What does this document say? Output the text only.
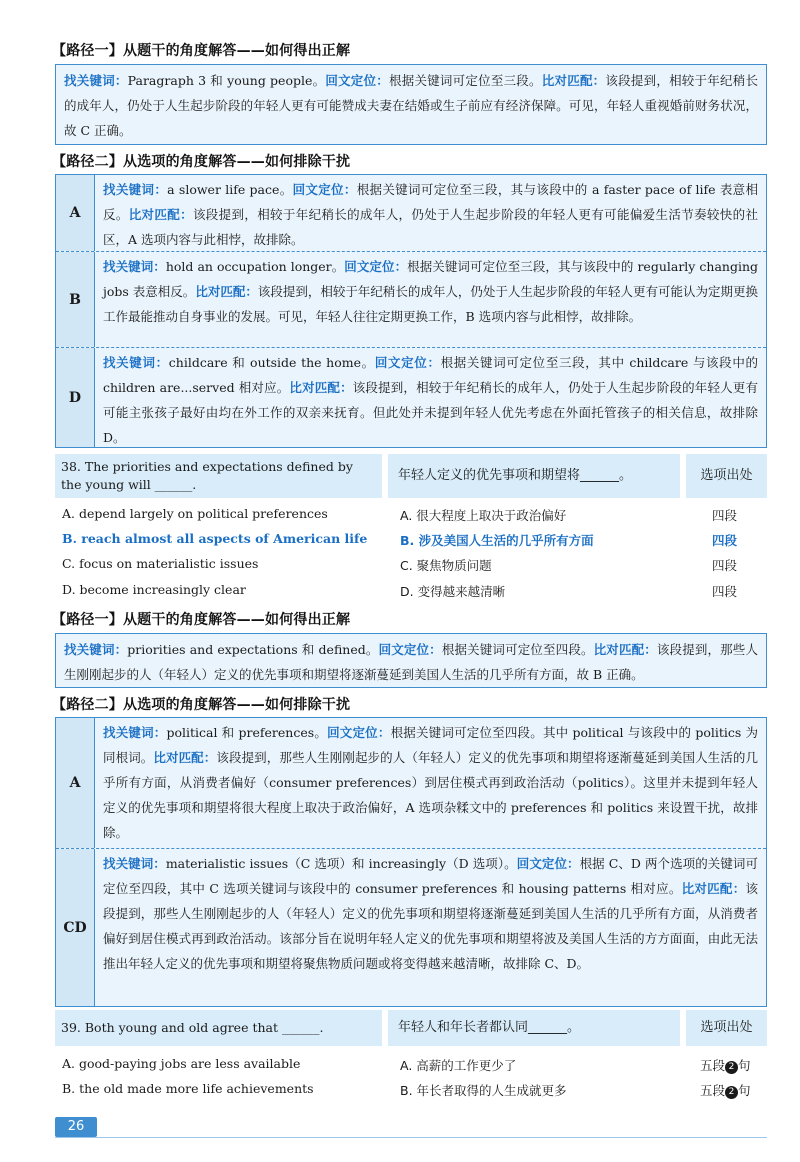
【路径一】从题干的角度解答——如何得出正解
找关键词：Paragraph 3 和 young people。回文定位：根据关键词可定位至三段。比对匹配：该段提到，相较于年纪稍长的成年人，仍处于人生起步阶段的年轻人更有可能赞成夫妻在结婚或生子前应有经济保障。可见，年轻人重视婚前财务状况，故 C 正确。
【路径二】从选项的角度解答——如何排除干扰
A
找关键词：a slower life pace。回文定位：根据关键词可定位至三段，其与该段中的 a faster pace of life 表意相反。比对匹配：该段提到，相较于年纪稍长的成年人，仍处于人生起步阶段的年轻人更有可能偏爱生活节奏较快的社区，A 选项内容与此相悖，故排除。
B
找关键词：hold an occupation longer。回文定位：根据关键词可定位至三段，其与该段中的 regularly changing jobs 表意相反。比对匹配：该段提到，相较于年纪稍长的成年人，仍处于人生起步阶段的年轻人更有可能认为定期更换工作最能推动自身事业的发展。可见，年轻人往往定期更换工作，B 选项内容与此相悖，故排除。
D
找关键词：childcare 和 outside the home。回文定位：根据关键词可定位至三段，其中 childcare 与该段中的 children are...served 相对应。比对匹配：该段提到，相较于年纪稍长的成年人，仍处于人生起步阶段的年轻人更有可能主张孩子最好由均在外工作的双亲来抚育。但此处并未提到年轻人优先考虑在外面托管孩子的相关信息，故排除 D。
38. The priorities and expectations defined by the young will ______.
年轻人定义的优先事项和期望将______。	选项出处
A. depend largely on political preferences	A. 很大程度上取决于政治偏好	四段
B. reach almost all aspects of American life	B. 涉及美国人生活的几乎所有方面	四段
C. focus on materialistic issues	C. 聚焦物质问题	四段
D. become increasingly clear	D. 变得越来越清晰	四段
【路径一】从题干的角度解答——如何得出正解
找关键词：priorities and expectations 和 defined。回文定位：根据关键词可定位至四段。比对匹配：该段提到，那些人生刚刚起步的人（年轻人）定义的优先事项和期望将逐渐蔓延到美国人生活的几乎所有方面，故 B 正确。
【路径二】从选项的角度解答——如何排除干扰
A
找关键词：political 和 preferences。回文定位：根据关键词可定位至四段。其中 political 与该段中的 politics 为同根词。比对匹配：该段提到，那些人生刚刚起步的人（年轻人）定义的优先事项和期望将逐渐蔓延到美国人生活的几乎所有方面，从消费者偏好（consumer preferences）到居住模式再到政治活动（politics）。这里并未提到年轻人定义的优先事项和期望将很大程度上取决于政治偏好，A 选项杂糅文中的 preferences 和 politics 来设置干扰，故排除。
CD
找关键词：materialistic issues（C 选项）和 increasingly（D 选项）。回文定位：根据 C、D 两个选项的关键词可定位至四段，其中 C 选项关键词与该段中的 consumer preferences 和 housing patterns 相对应。比对匹配：该段提到，那些人生刚刚起步的人（年轻人）定义的优先事项和期望将逐渐蔓延到美国人生活的几乎所有方面，从消费者偏好到居住模式再到政治活动。该部分旨在说明年轻人定义的优先事项和期望将波及美国人生活的方方面面，由此无法推出年轻人定义的优先事项和期望将聚焦物质问题或将变得越来越清晰，故排除 C、D。
39. Both young and old agree that ______.	年轻人和年长者都认同______。	选项出处
A. good-paying jobs are less available	A. 高薪的工作更少了	五段 2 句
B. the old made more life achievements	B. 年长者取得的人生成就更多	五段 2 句
26
